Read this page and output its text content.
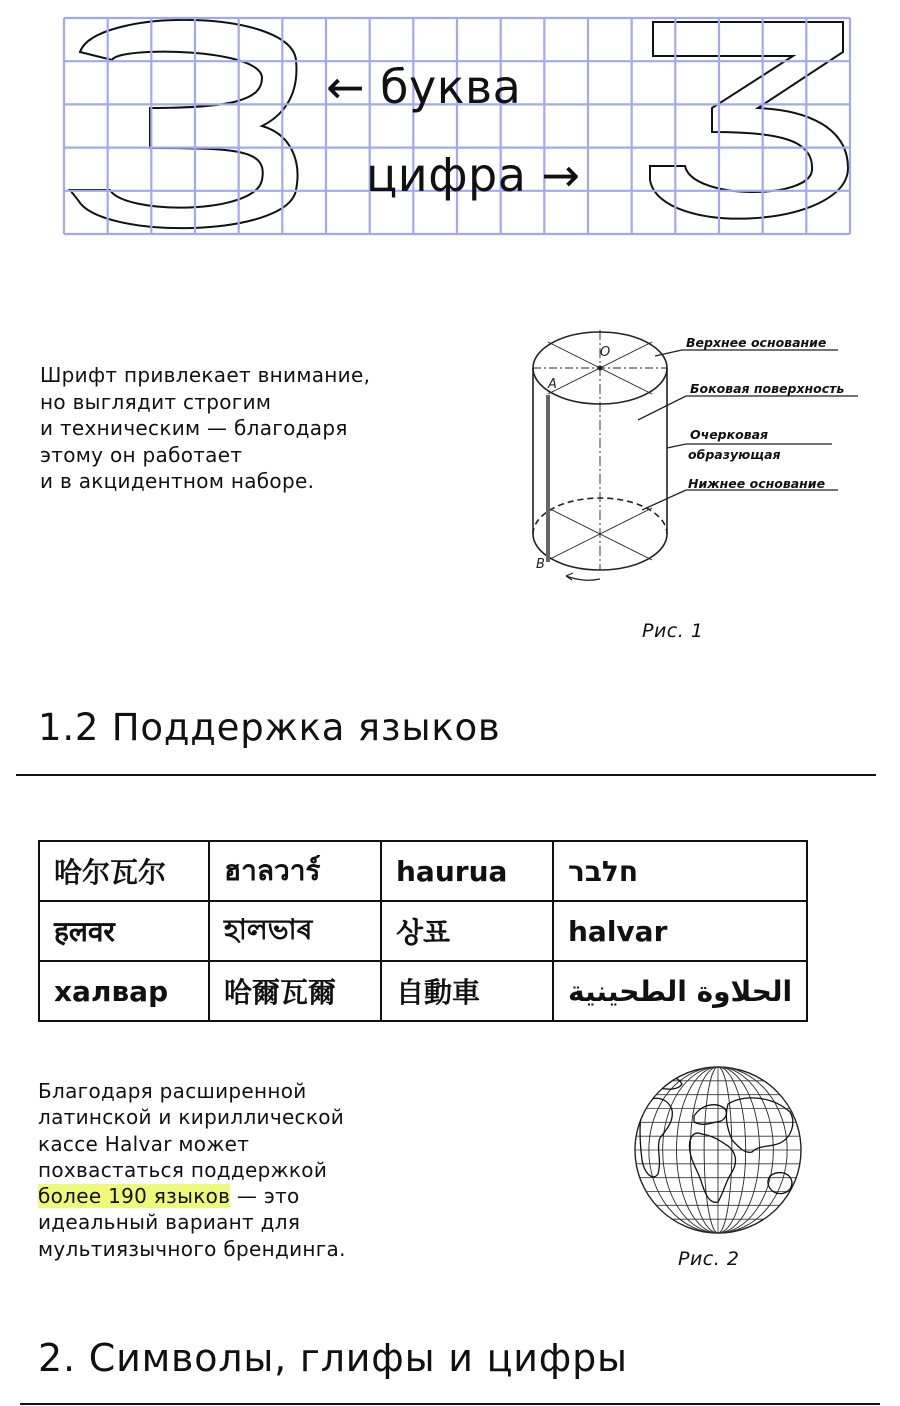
← буква
цифра →
Шрифт привлекает внимание,
но выглядит строгим
и техническим — благодаря
этому он работает
и в акцидентном наборе.
O
A
B
Верхнее основание
Боковая поверхность
Очерковая
образующая
Нижнее основание
Рис. 1
1.2 Поддержка языков
哈尔瓦尔	ฮาลวาร์	haurua	חלבר
हलवर	হালভাৰ	상표	halvar
халвар	哈爾瓦爾	自動車	الحلاوة الطحينية
Благодаря расширенной
латинской и кириллической
кассе Halvar может
похвастаться поддержкой
более 190 языков — это
идеальный вариант для
мультиязычного брендинга.	Рис. 2
2. Символы, глифы и цифры
